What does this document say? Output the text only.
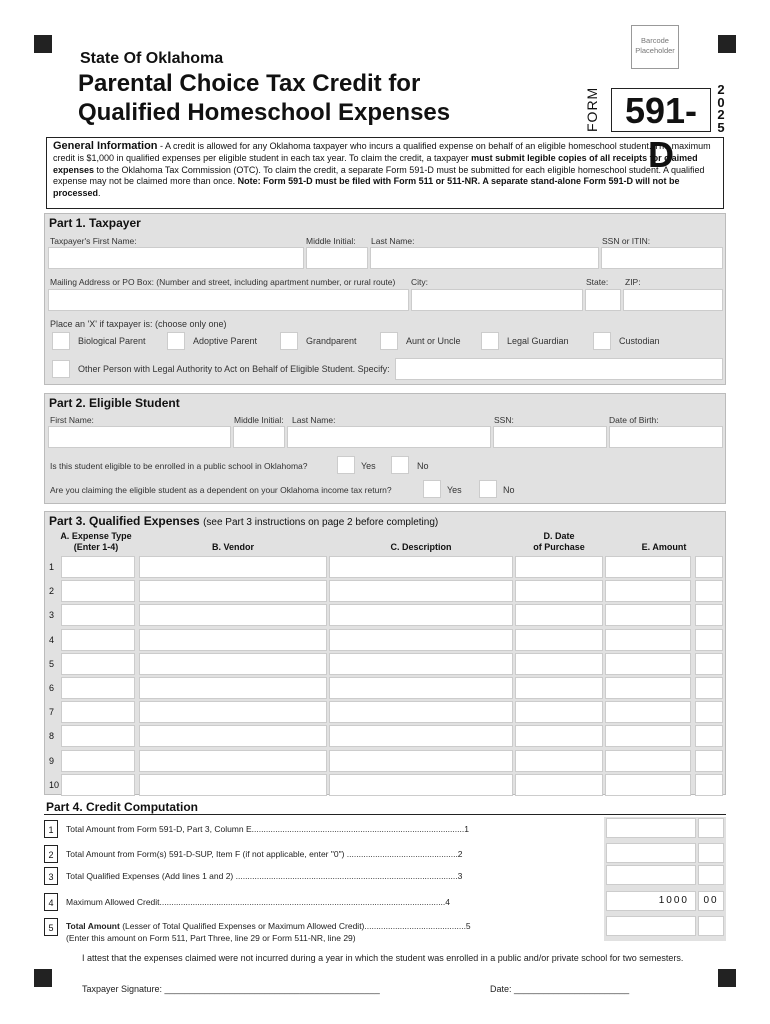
Barcode Placeholder
State Of Oklahoma
Parental Choice Tax Credit for
Qualified Homeschool Expenses	FORM 591-D
2
0
2
5
General Information - A credit is allowed for any Oklahoma taxpayer who incurs a qualified expense on behalf of an eligible homeschool student. The maximum credit is $1,000 in qualified expenses per eligible student in each tax year. To claim the credit, a taxpayer must submit legible copies of all receipts for claimed expenses to the Oklahoma Tax Commission (OTC). To claim the credit, a separate Form 591-D must be submitted for each eligible homeschool student. A qualified expense may not be claimed more than once. Note: Form 591-D must be filed with Form 511 or 511-NR. A separate stand-alone Form 591-D will not be processed.
Part 1. Taxpayer
Taxpayer's First Name:	Middle Initial: Last Name:	SSN or ITIN:
Mailing Address or PO Box: (Number and street, including apartment number, or rural route) City:	State: ZIP:
Place an 'X' if taxpayer is: (choose only one)
Biological Parent	Adoptive Parent	Grandparent	Aunt or Uncle	Legal Guardian	Custodian
Other Person with Legal Authority to Act on Behalf of Eligible Student. Specify:
Part 2. Eligible Student
First Name:	Middle Initial: Last Name:	SSN:	Date of Birth:
Is this student eligible to be enrolled in a public school in Oklahoma?	Yes	No
Are you claiming the eligible student as a dependent on your Oklahoma income tax return?	Yes	No
Part 3. Qualified Expenses (see Part 3 instructions on page 2 before completing)
A. Expense Type
(Enter 1-4)	B. Vendor	C. Description
D. Date
of Purchase	E. Amount
1
2
3
4
5
6
7
8
9
10
Part 4. Credit Computation
1	Total Amount from Form 591-D, Part 3, Column E..........................................................................................1
2	Total Amount from Form(s) 591-D-SUP, Item F (if not applicable, enter "0") ...............................................2
3	Total Qualified Expenses (Add lines 1 and 2) ..............................................................................................3
4	Maximum Allowed Credit.........................................................................................................................4	1000	00
5	Total Amount (Lesser of Total Qualified Expenses or Maximum Allowed Credit)...........................................5
(Enter this amount on Form 511, Part Three, line 29 or Form 511-NR, line 29)
I attest that the expenses claimed were not incurred during a year in which the student was enrolled in a public and/or private school for two semesters.
Taxpayer Signature: ___________________________________________	Date: _______________________
